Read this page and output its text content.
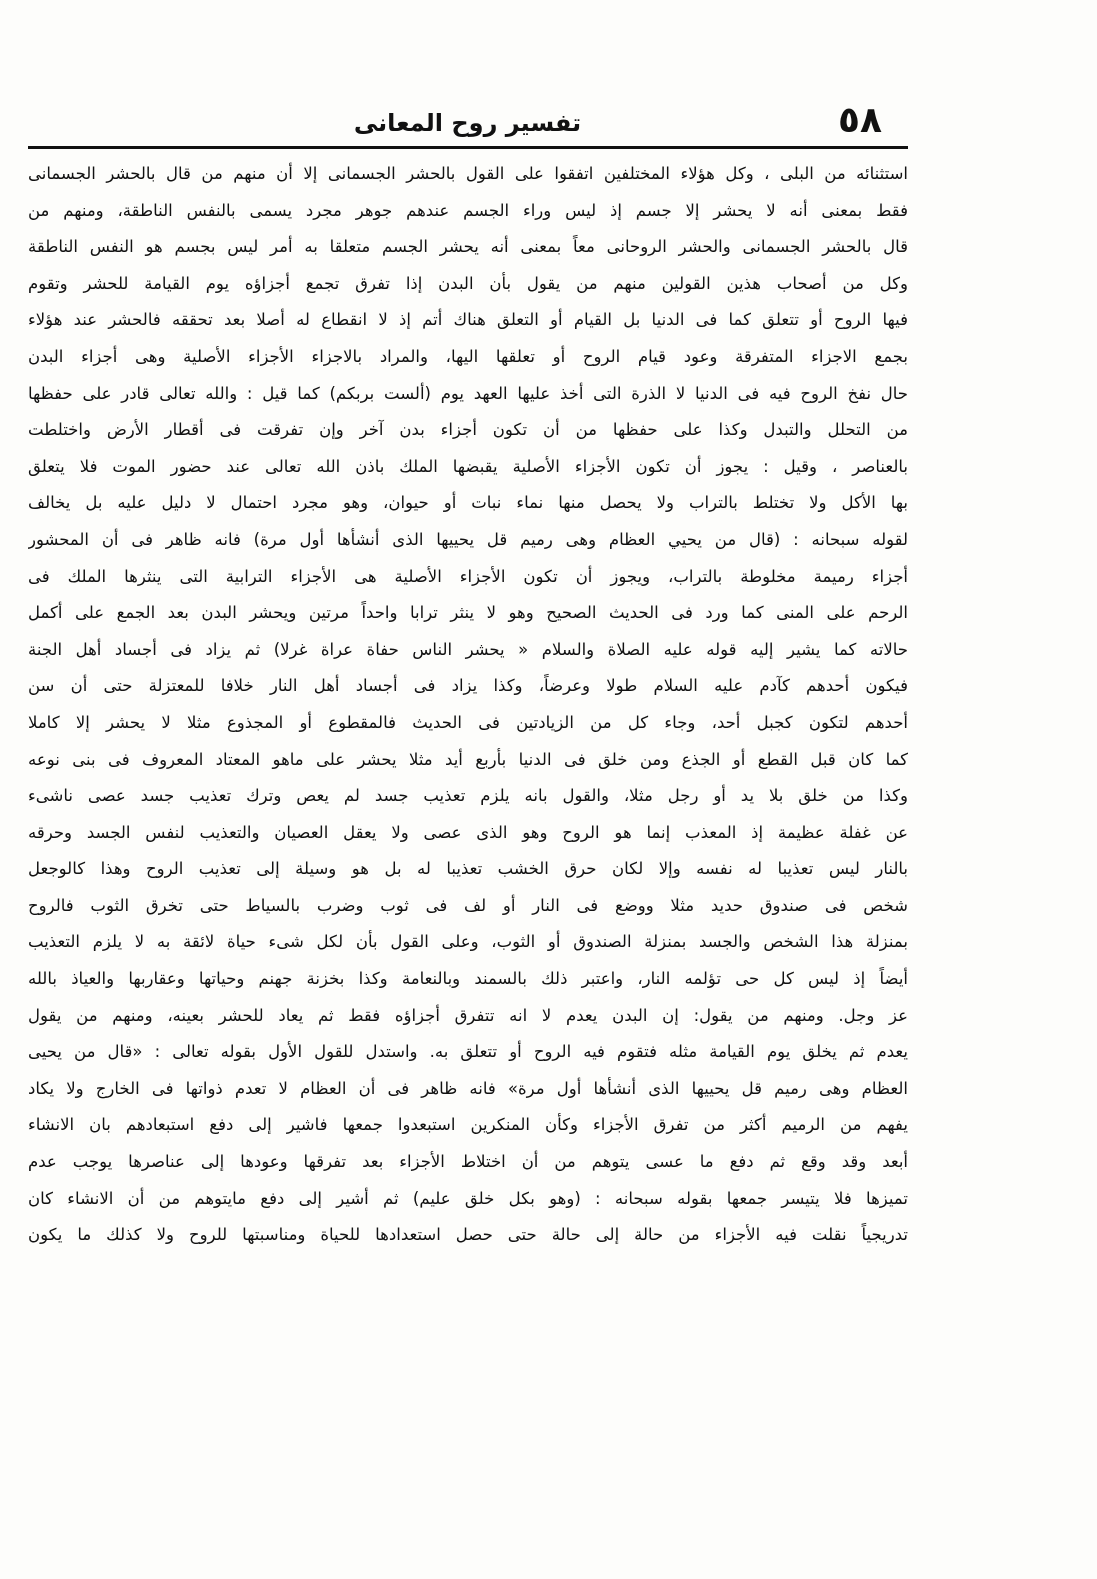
تفسير روح المعانى	٥٨
استثنائه من البلى ، وكل هؤلاء المختلفين اتفقوا على القول بالحشر الجسمانى إلا أن منهم من قال بالحشر الجسمانى
فقط بمعنى أنه لا يحشر إلا جسم إذ ليس وراء الجسم عندهم جوهر مجرد يسمى بالنفس الناطقة، ومنهم من
قال بالحشر الجسمانى والحشر الروحانى معاً بمعنى أنه يحشر الجسم متعلقا به أمر ليس بجسم هو النفس الناطقة
وكل من أصحاب هذين القولين منهم من يقول بأن البدن إذا تفرق تجمع أجزاؤه يوم القيامة للحشر وتقوم
فيها الروح أو تتعلق كما فى الدنيا بل القيام أو التعلق هناك أتم إذ لا انقطاع له أصلا بعد تحققه فالحشر عند هؤلاء
بجمع الاجزاء المتفرقة وعود قيام الروح أو تعلقها اليها، والمراد بالاجزاء الأجزاء الأصلية وهى أجزاء البدن
حال نفخ الروح فيه فى الدنيا لا الذرة التى أخذ عليها العهد يوم (ألست بربكم) كما قيل : والله تعالى قادر على حفظها
من التحلل والتبدل وكذا على حفظها من أن تكون أجزاء بدن آخر وإن تفرقت فى أقطار الأرض واختلطت
بالعناصر ، وقيل : يجوز أن تكون الأجزاء الأصلية يقبضها الملك باذن الله تعالى عند حضور الموت فلا يتعلق
بها الأكل ولا تختلط بالتراب ولا يحصل منها نماء نبات أو حيوان، وهو مجرد احتمال لا دليل عليه بل يخالف
لقوله سبحانه : (قال من يحيي العظام وهى رميم قل يحييها الذى أنشأها أول مرة) فانه ظاهر فى أن المحشور
أجزاء رميمة مخلوطة بالتراب، ويجوز أن تكون الأجزاء الأصلية هى الأجزاء الترابية التى ينثرها الملك فى
الرحم على المنى كما ورد فى الحديث الصحيح وهو لا ينثر ترابا واحداً مرتين ويحشر البدن بعد الجمع على أكمل
حالاته كما يشير إليه قوله عليه الصلاة والسلام « يحشر الناس حفاة عراة غرلا) ثم يزاد فى أجساد أهل الجنة
فيكون أحدهم كآدم عليه السلام طولا وعرضاً، وكذا يزاد فى أجساد أهل النار خلافا للمعتزلة حتى أن سن
أحدهم لتكون كجبل أحد، وجاء كل من الزيادتين فى الحديث فالمقطوع أو المجذوع مثلا لا يحشر إلا كاملا
كما كان قبل القطع أو الجذع ومن خلق فى الدنيا بأربع أيد مثلا يحشر على ماهو المعتاد المعروف فى بنى نوعه
وكذا من خلق بلا يد أو رجل مثلا، والقول بانه يلزم تعذيب جسد لم يعص وترك تعذيب جسد عصى ناشىء
عن غفلة عظيمة إذ المعذب إنما هو الروح وهو الذى عصى ولا يعقل العصيان والتعذيب لنفس الجسد وحرقه
بالنار ليس تعذيبا له نفسه وإلا لكان حرق الخشب تعذيبا له بل هو وسيلة إلى تعذيب الروح وهذا كالوجعل
شخص فى صندوق حديد مثلا ووضع فى النار أو لف فى ثوب وضرب بالسياط حتى تخرق الثوب فالروح
بمنزلة هذا الشخص والجسد بمنزلة الصندوق أو الثوب، وعلى القول بأن لكل شىء حياة لائقة به لا يلزم التعذيب
أيضاً إذ ليس كل حى تؤلمه النار، واعتبر ذلك بالسمند وبالنعامة وكذا بخزنة جهنم وحياتها وعقاربها والعياذ بالله
عز وجل. ومنهم من يقول: إن البدن يعدم لا انه تتفرق أجزاؤه فقط ثم يعاد للحشر بعينه، ومنهم من يقول
يعدم ثم يخلق يوم القيامة مثله فتقوم فيه الروح أو تتعلق به. واستدل للقول الأول بقوله تعالى : «قال من يحيى
العظام وهى رميم قل يحييها الذى أنشأها أول مرة» فانه ظاهر فى أن العظام لا تعدم ذواتها فى الخارج ولا يكاد
يفهم من الرميم أكثر من تفرق الأجزاء وكأن المنكرين استبعدوا جمعها فاشير إلى دفع استبعادهم بان الانشاء
أبعد وقد وقع ثم دفع ما عسى يتوهم من أن اختلاط الأجزاء بعد تفرقها وعودها إلى عناصرها يوجب عدم
تميزها فلا يتيسر جمعها بقوله سبحانه : (وهو بكل خلق عليم) ثم أشير إلى دفع مايتوهم من أن الانشاء كان
تدريجياً نقلت فيه الأجزاء من حالة إلى حالة حتى حصل استعدادها للحياة ومناسبتها للروح ولا كذلك ما يكون
